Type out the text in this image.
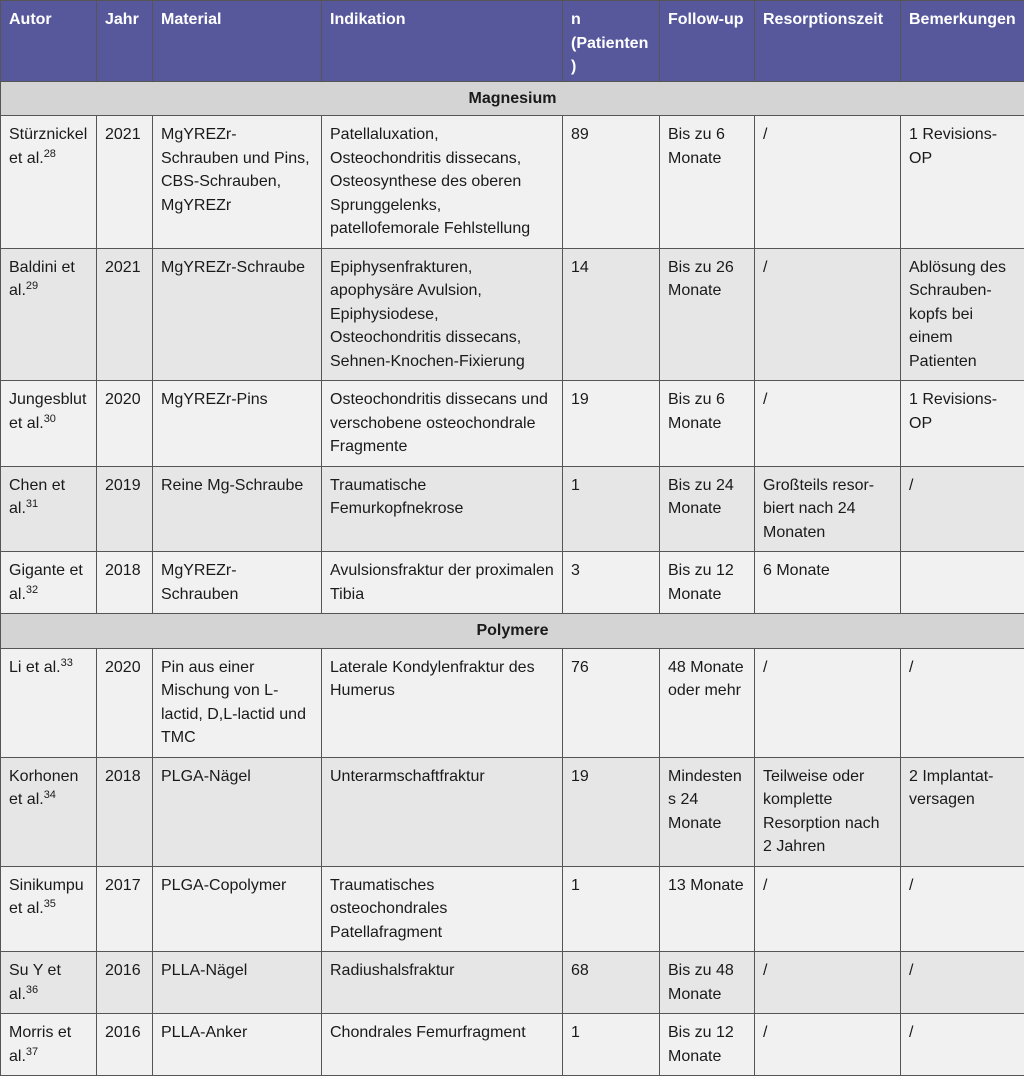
Autor	Jahr	Material	Indikation	n (Patienten)	Follow-up	Resorptionszeit	Bemerkungen
Magnesium							
Stürznickel et al.$^{28}$	2021	MgYREZr-Schrauben und Pins, CBS-Schrauben, MgYREZr	Patellaluxation, Osteochondritis dissecans, Osteosynthese des oberen Sprunggelenks, patellofemorale Fehlstellung	89	Bis zu 6 Monate	/	1 Revisions-OP
Baldini et al.$^{29}$	2021	MgYREZr-Schraube	Epiphysenfrakturen, apophysäre Avulsion, Epiphysiodese, Osteochondritis dissecans, Sehnen-Knochen-Fixierung	14	Bis zu 26 Monate	/	Ablösung des Schrauben-kopfs bei einem Patienten
Jungesblut et al.$^{30}$	2020	MgYREZr-Pins	Osteochondritis dissecans und verschobene osteochondrale Fragmente	19	Bis zu 6 Monate	/	1 Revisions-OP
Chen et al.$^{31}$	2019	Reine Mg-Schraube	Traumatische Femurkopfnekrose	1	Bis zu 24 Monate	Großteils resor-biert nach 24 Monaten	/
Gigante et al.$^{32}$	2018	MgYREZr-Schrauben	Avulsionsfraktur der proximalen Tibia	3	Bis zu 12 Monate	6 Monate	
Polymere							
Li et al.$^{33}$	2020	Pin aus einer Mischung von L-lactid, D,L-lactid und TMC	Laterale Kondylenfraktur des Humerus	76	48 Monate oder mehr	/	/
Korhonen et al.$^{34}$	2018	PLGA-Nägel	Unterarmschaftfraktur	19	Mindestens 24 Monate	Teilweise oder komplette Resorption nach 2 Jahren	2 Implantat-versagen
Sinikumpu et al.$^{35}$	2017	PLGA-Copolymer	Traumatisches osteochondrales Patellafragment	1	13 Monate	/	/
Su Y et al.$^{36}$	2016	PLLA-Nägel	Radiushalsfraktur	68	Bis zu 48 Monate	/	/
Morris et al.$^{37}$	2016	PLLA-Anker	Chondrales Femurfragment	1	Bis zu 12 Monate	/	/
